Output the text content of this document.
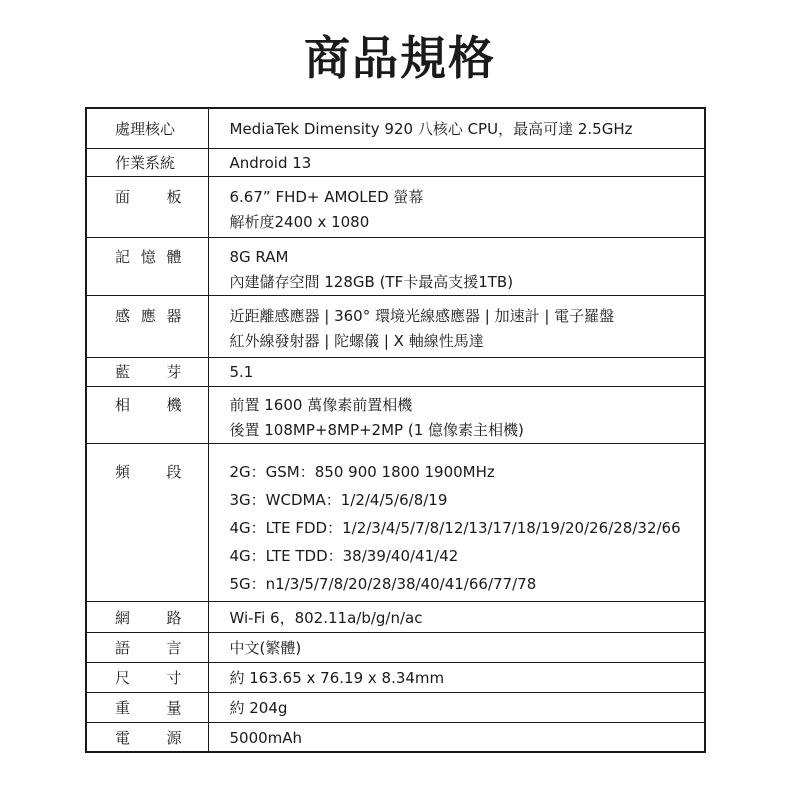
商品規格
處理核心	MediaTek Dimensity 920 八核心 CPU，最高可達 2.5GHz

作業系統	Android 13

面 板	6.67” FHD+ AMOLED 螢幕
解析度2400 x 1080

記 憶 體	8G RAM
內建儲存空間 128GB (TF卡最高支援1TB)

感 應 器	近距離感應器 | 360° 環境光線感應器 | 加速計 | 電子羅盤
紅外線發射器 | 陀螺儀 | X 軸線性馬達

藍 芽	5.1

相 機	前置 1600 萬像素前置相機
後置 108MP+8MP+2MP (1 億像素主相機)

頻 段	2G：GSM：850 900 1800 1900MHz
3G：WCDMA：1/2/4/5/6/8/19
4G：LTE FDD：1/2/3/4/5/7/8/12/13/17/18/19/20/26/28/32/66
4G：LTE TDD：38/39/40/41/42
5G：n1/3/5/7/8/20/28/38/40/41/66/77/78

網 路	Wi-Fi 6，802.11a/b/g/n/ac

語 言	中文(繁體)

尺 寸	約 163.65 x 76.19 x 8.34mm

重 量	約 204g

電 源	5000mAh
